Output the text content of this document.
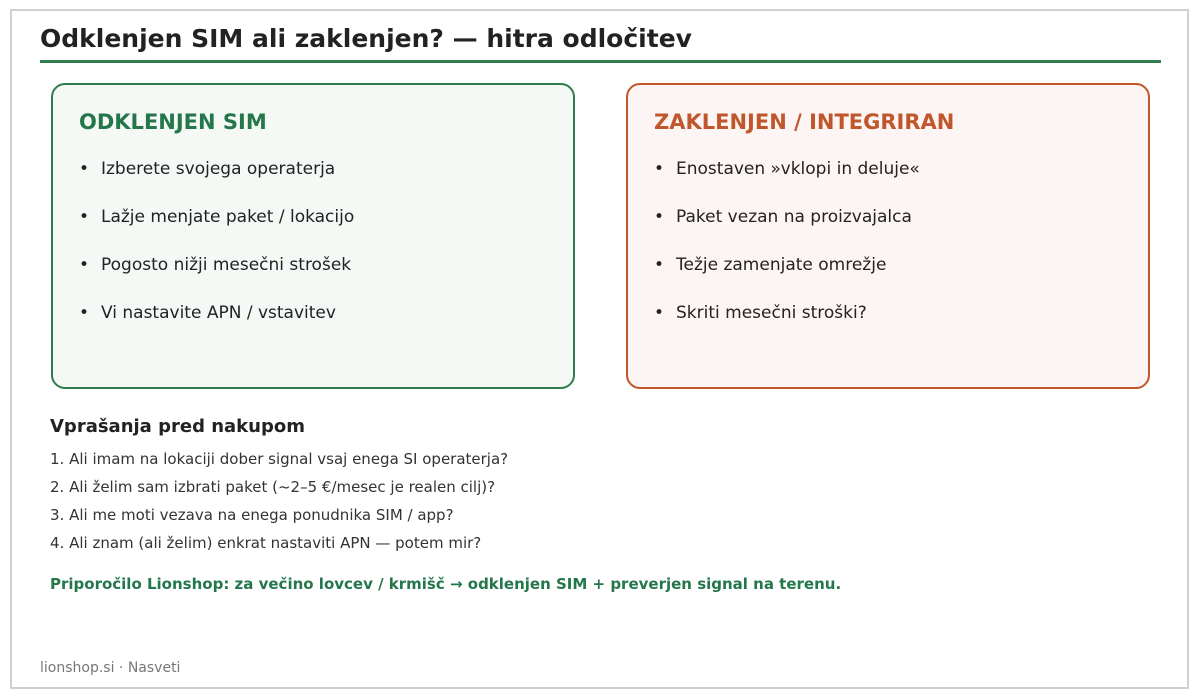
Odklenjen SIM ali zaklenjen? — hitra odločitev
ODKLENJEN SIM
• Izberete svojega operaterja
• Lažje menjate paket / lokacijo
• Pogosto nižji mesečni strošek
• Vi nastavite APN / vstavitev
ZAKLENJEN / INTEGRIRAN
• Enostaven »vklopi in deluje«
• Paket vezan na proizvajalca
• Težje zamenjate omrežje
• Skriti mesečni stroški?
Vprašanja pred nakupom
1. Ali imam na lokaciji dober signal vsaj enega SI operaterja?
2. Ali želim sam izbrati paket (~2–5 €/mesec je realen cilj)?
3. Ali me moti vezava na enega ponudnika SIM / app?
4. Ali znam (ali želim) enkrat nastaviti APN — potem mir?
Priporočilo Lionshop: za večino lovcev / krmišč → odklenjen SIM + preverjen signal na terenu.
lionshop.si · Nasveti
